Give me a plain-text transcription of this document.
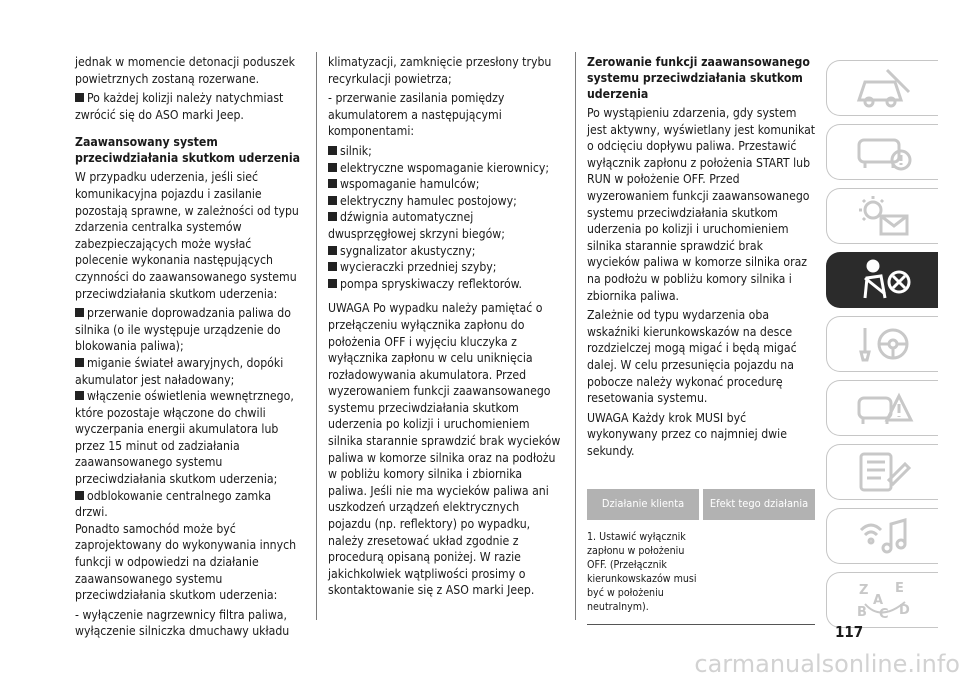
jednak w momencie detonacji poduszek powietrznych zostaną rozerwane.

Po każdej kolizji należy natychmiast zwrócić się do ASO marki Jeep.

Zaawansowany system przeciwdziałania skutkom uderzenia

W przypadku uderzenia, jeśli sieć komunikacyjna pojazdu i zasilanie pozostają sprawne, w zależności od typu zdarzenia centralka systemów zabezpieczających może wysłać polecenie wykonania następujących czynności do zaawansowanego systemu przeciwdziałania skutkom uderzenia:

przerwanie doprowadzania paliwa do silnika (o ile występuje urządzenie do blokowania paliwa);

miganie świateł awaryjnych, dopóki akumulator jest naładowany;

włączenie oświetlenia wewnętrznego, które pozostaje włączone do chwili wyczerpania energii akumulatora lub przez 15 minut od zadziałania zaawansowanego systemu przeciwdziałania skutkom uderzenia;

odblokowanie centralnego zamka drzwi.

Ponadto samochód może być zaprojektowany do wykonywania innych funkcji w odpowiedzi na działanie zaawansowanego systemu przeciwdziałania skutkom uderzenia:

- wyłączenie nagrzewnicy filtra paliwa, wyłączenie silniczka dmuchawy układu

klimatyzacji, zamknięcie przesłony trybu recyrkulacji powietrza;

- przerwanie zasilania pomiędzy akumulatorem a następującymi komponentami:

silnik;

elektryczne wspomaganie kierownicy;

wspomaganie hamulców;

elektryczny hamulec postojowy;

dźwignia automatycznej dwusprzęgłowej skrzyni biegów;

sygnalizator akustyczny;

wycieraczki przedniej szyby;

pompa spryskiwaczy reflektorów.

UWAGA Po wypadku należy pamiętać o przełączeniu wyłącznika zapłonu do położenia OFF i wyjęciu kluczyka z wyłącznika zapłonu w celu uniknięcia rozładowywania akumulatora. Przed wyzerowaniem funkcji zaawansowanego systemu przeciwdziałania skutkom uderzenia po kolizji i uruchomieniem silnika starannie sprawdzić brak wycieków paliwa w komorze silnika oraz na podłożu w pobliżu komory silnika i zbiornika paliwa. Jeśli nie ma wycieków paliwa ani uszkodzeń urządzeń elektrycznych pojazdu (np. reflektory) po wypadku, należy zresetować układ zgodnie z procedurą opisaną poniżej. W razie jakichkolwiek wątpliwości prosimy o skontaktowanie się z ASO marki Jeep.

Zerowanie funkcji zaawansowanego systemu przeciwdziałania skutkom uderzenia

Po wystąpieniu zdarzenia, gdy system jest aktywny, wyświetlany jest komunikat o odcięciu dopływu paliwa. Przestawić wyłącznik zapłonu z położenia START lub RUN w położenie OFF. Przed wyzerowaniem funkcji zaawansowanego systemu przeciwdziałania skutkom uderzenia po kolizji i uruchomieniem silnika starannie sprawdzić brak wycieków paliwa w komorze silnika oraz na podłożu w pobliżu komory silnika i zbiornika paliwa.

Zależnie od typu wydarzenia oba wskaźniki kierunkowskazów na desce rozdzielczej mogą migać i będą migać dalej. W celu przesunięcia pojazdu na pobocze należy wykonać procedurę resetowania systemu.

UWAGA Każdy krok MUSI być wykonywany przez co najmniej dwie sekundy.

Działanie klienta	Efekt tego działania
1. Ustawić wyłącznik zapłonu w położeniu OFF. (Przełącznik kierunkowskazów musi być w położeniu neutralnym).
Z E
A
B C D
117
carmanualsonline.info
